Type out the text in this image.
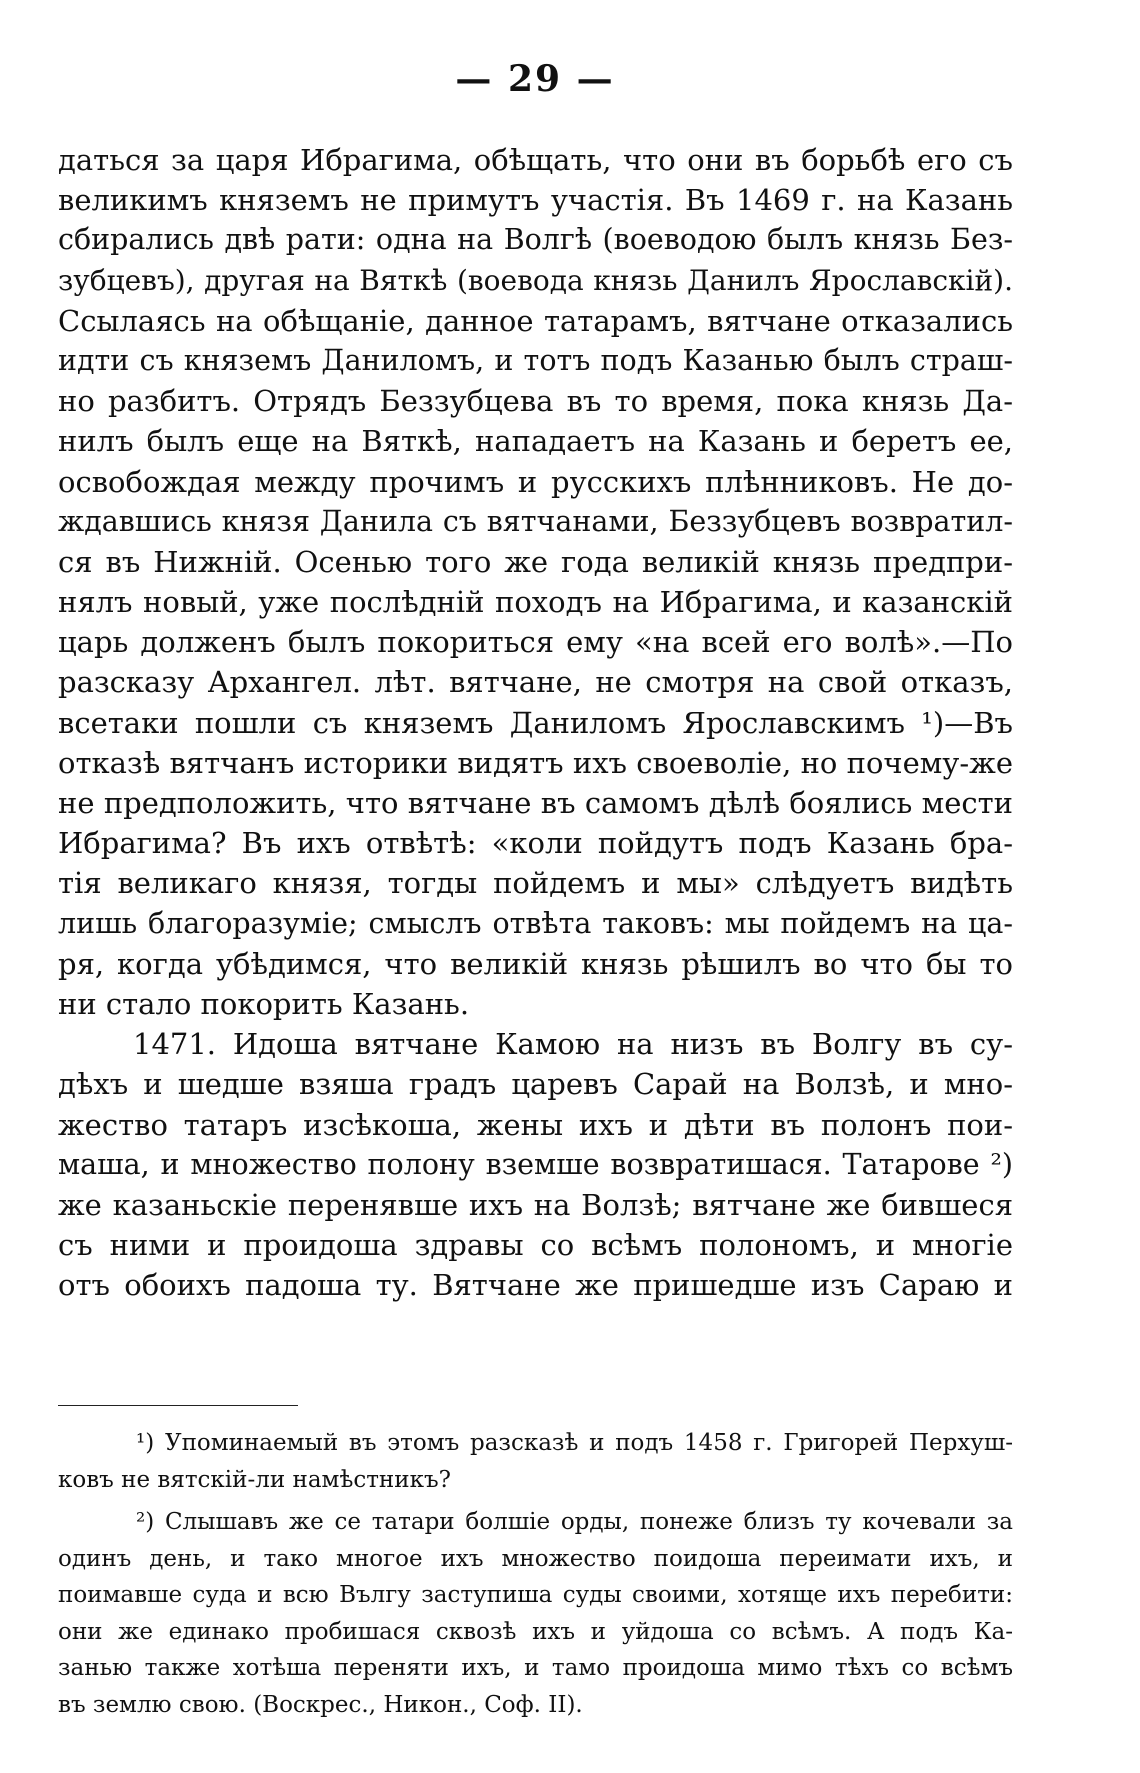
— 29 —
даться за царя Ибрагима, обѣщать, что они въ борьбѣ его съ
великимъ княземъ не примутъ участія. Въ 1469 г. на Казань
сбирались двѣ рати: одна на Волгѣ (воеводою былъ князь Без-
зубцевъ), другая на Вяткѣ (воевода князь Данилъ Ярославскій).
Ссылаясь на обѣщаніе, данное татарамъ, вятчане отказались
идти съ княземъ Даниломъ, и тотъ подъ Казанью былъ страш-
но разбитъ. Отрядъ Беззубцева въ то время, пока князь Да-
нилъ былъ еще на Вяткѣ, нападаетъ на Казань и беретъ ее,
освобождая между прочимъ и русскихъ плѣнниковъ. Не до-
ждавшись князя Данила съ вятчанами, Беззубцевъ возвратил-
ся въ Нижній. Осенью того же года великій князь предпри-
нялъ новый, уже послѣдній походъ на Ибрагима, и казанскій
царь долженъ былъ покориться ему «на всей его волѣ».—По
разсказу Архангел. лѣт. вятчане, не смотря на свой отказъ,
всетаки пошли съ княземъ Даниломъ Ярославскимъ ¹)—Въ
отказѣ вятчанъ историки видятъ ихъ своеволіе, но почему-же
не предположить, что вятчане въ самомъ дѣлѣ боялись мести
Ибрагима? Въ ихъ отвѣтѣ: «коли пойдутъ подъ Казань бра-
тія великаго князя, тогды пойдемъ и мы» слѣдуетъ видѣть
лишь благоразуміе; смыслъ отвѣта таковъ: мы пойдемъ на ца-
ря, когда убѣдимся, что великій князь рѣшилъ во что бы то
ни стало покорить Казань.
1471. Идоша вятчане Камою на низъ въ Волгу въ су-
дѣхъ и шедше взяша градъ царевъ Сарай на Волзѣ, и мно-
жество татаръ изсѣкоша, жены ихъ и дѣти въ полонъ пои-
маша, и множество полону вземше возвратишася. Татарове ²)
же казаньскіе перенявше ихъ на Волзѣ; вятчане же бившеся
съ ними и проидоша здравы со всѣмъ полономъ, и многіе
отъ обоихъ падоша ту. Вятчане же пришедше изъ Сараю и
¹) Упоминаемый въ этомъ разсказѣ и подъ 1458 г. Григорей Перхуш-
ковъ не вятскій-ли намѣстникъ?
²) Слышавъ же се татари болшіе орды, понеже близъ ту кочевали за
одинъ день, и тако многое ихъ множество поидоша переимати ихъ, и
поимавше суда и всю Вългу заступиша суды своими, хотяще ихъ перебити:
они же единако пробишася сквозѣ ихъ и уйдоша со всѣмъ. А подъ Ка-
занью также хотѣша переняти ихъ, и тамо проидоша мимо тѣхъ со всѣмъ
въ землю свою. (Воскрес., Никон., Соф. II).
